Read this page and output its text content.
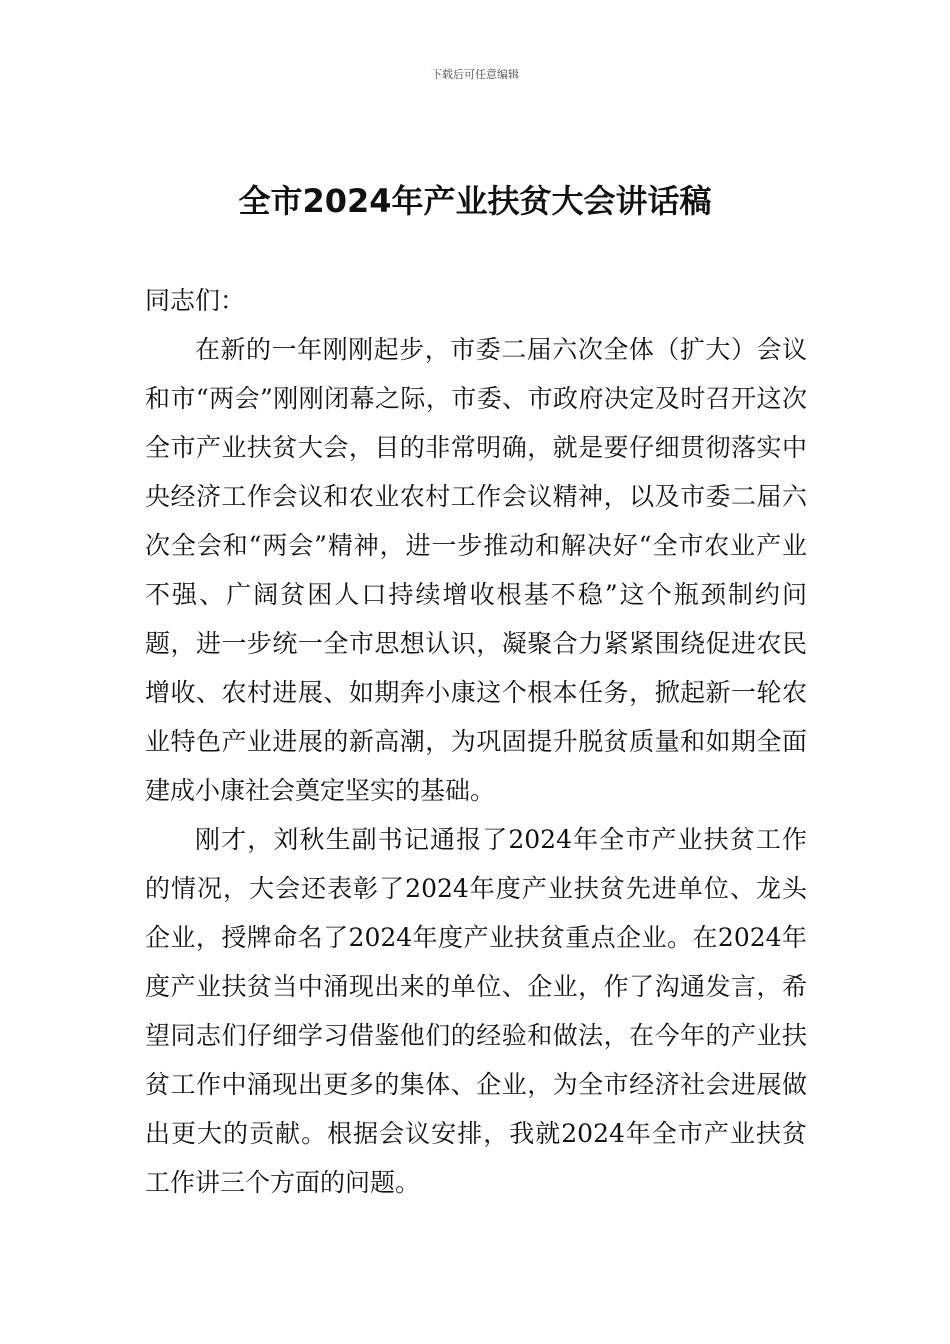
下载后可任意编辑
全市2024年产业扶贫大会讲话稿

同志们：

在新的一年刚刚起步，市委二届六次全体（扩大）会议和市“两会”刚刚闭幕之际，市委、市政府决定及时召开这次全市产业扶贫大会，目的非常明确，就是要仔细贯彻落实中央经济工作会议和农业农村工作会议精神，以及市委二届六次全会和“两会”精神，进一步推动和解决好“全市农业产业不强、广阔贫困人口持续增收根基不稳”这个瓶颈制约问题，进一步统一全市思想认识，凝聚合力紧紧围绕促进农民增收、农村进展、如期奔小康这个根本任务，掀起新一轮农业特色产业进展的新高潮，为巩固提升脱贫质量和如期全面建成小康社会奠定坚实的基础。

刚才，刘秋生副书记通报了2024年全市产业扶贫工作的情况，大会还表彰了2024年度产业扶贫先进单位、龙头企业，授牌命名了2024年度产业扶贫重点企业。在2024年度产业扶贫当中涌现出来的单位、企业，作了沟通发言，希望同志们仔细学习借鉴他们的经验和做法，在今年的产业扶贫工作中涌现出更多的集体、企业，为全市经济社会进展做出更大的贡献。根据会议安排，我就2024年全市产业扶贫工作讲三个方面的问题。
